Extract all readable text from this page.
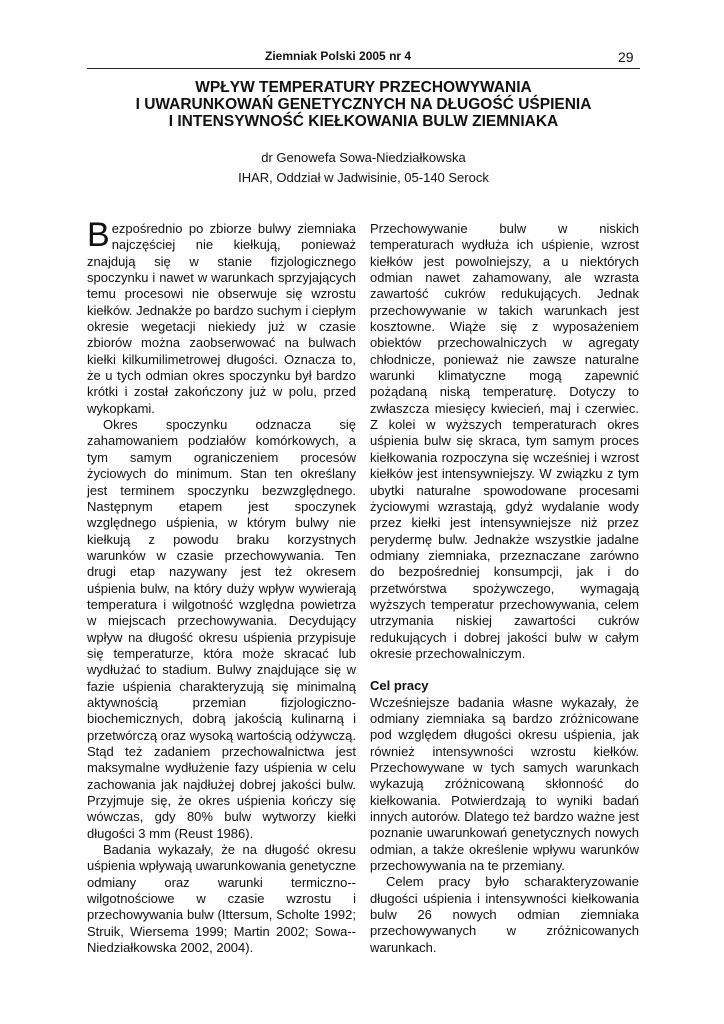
Ziemniak Polski 2005 nr 4	29
WPŁYW TEMPERATURY PRZECHOWYWANIA
I UWARUNKOWAŃ GENETYCZNYCH NA DŁUGOŚĆ UŚPIENIA
I INTENSYWNOŚĆ KIEŁKOWANIA BULW ZIEMNIAKA
dr Genowefa Sowa-Niedziałkowska
IHAR, Oddział w Jadwisinie, 05-140 Serock

Bezpośrednio po zbiorze bulwy ziemniaka najczęściej nie kiełkują, ponieważ znajdują się w stanie fizjologicznego spoczynku i nawet w warunkach sprzyjających temu procesowi nie obserwuje się wzrostu kiełków. Jednakże po bardzo suchym i ciepłym okresie wegetacji niekiedy już w czasie zbiorów można zaobserwować na bulwach kiełki kilkumilimetrowej długości. Oznacza to, że u tych odmian okres spoczynku był bardzo krótki i został zakończony już w polu, przed wykopkami.

Okres spoczynku odznacza się zahamowaniem podziałów komórkowych, a tym samym ograniczeniem procesów życiowych do minimum. Stan ten określany jest terminem spoczynku bezwzględnego. Następnym etapem jest spoczynek względnego uśpienia, w którym bulwy nie kiełkują z powodu braku korzystnych warunków w czasie przechowywania. Ten drugi etap nazywany jest też okresem uśpienia bulw, na który duży wpływ wywierają temperatura i wilgotność względna powietrza w miejscach przechowywania. Decydujący wpływ na długość okresu uśpienia przypisuje się temperaturze, która może skracać lub wydłużać to stadium. Bulwy znajdujące się w fazie uśpienia charakteryzują się minimalną aktywnością przemian fizjologiczno-biochemicznych, dobrą jakością kulinarną i przetwórczą oraz wysoką wartością odżywczą. Stąd też zadaniem przechowalnictwa jest maksymalne wydłużenie fazy uśpienia w celu zachowania jak najdłużej dobrej jakości bulw. Przyjmuje się, że okres uśpienia kończy się wówczas, gdy 80% bulw wytworzy kiełki długości 3 mm (Reust 1986).

Badania wykazały, że na długość okresu uśpienia wpływają uwarunkowania genetyczne odmiany oraz warunki termiczno--wilgotnościowe w czasie wzrostu i przechowywania bulw (Ittersum, Scholte 1992; Struik, Wiersema 1999; Martin 2002; Sowa--Niedziałkowska 2002, 2004).

Przechowywanie bulw w niskich temperaturach wydłuża ich uśpienie, wzrost kiełków jest powolniejszy, a u niektórych odmian nawet zahamowany, ale wzrasta zawartość cukrów redukujących. Jednak przechowywanie w takich warunkach jest kosztowne. Wiąże się z wyposażeniem obiektów przechowalniczych w agregaty chłodnicze, ponieważ nie zawsze naturalne warunki klimatyczne mogą zapewnić pożądaną niską temperaturę. Dotyczy to zwłaszcza miesięcy kwiecień, maj i czerwiec. Z kolei w wyższych temperaturach okres uśpienia bulw się skraca, tym samym proces kiełkowania rozpoczyna się wcześniej i wzrost kiełków jest intensywniejszy. W związku z tym ubytki naturalne spowodowane procesami życiowymi wzrastają, gdyż wydalanie wody przez kiełki jest intensywniejsze niż przez perydermę bulw. Jednakże wszystkie jadalne odmiany ziemniaka, przeznaczane zarówno do bezpośredniej konsumpcji, jak i do przetwórstwa spożywczego, wymagają wyższych temperatur przechowywania, celem utrzymania niskiej zawartości cukrów redukujących i dobrej jakości bulw w całym okresie przechowalniczym.

Cel pracy

Wcześniejsze badania własne wykazały, że odmiany ziemniaka są bardzo zróżnicowane pod względem długości okresu uśpienia, jak również intensywności wzrostu kiełków. Przechowywane w tych samych warunkach wykazują zróżnicowaną skłonność do kiełkowania. Potwierdzają to wyniki badań innych autorów. Dlatego też bardzo ważne jest poznanie uwarunkowań genetycznych nowych odmian, a także określenie wpływu warunków przechowywania na te przemiany.

Celem pracy było scharakteryzowanie długości uśpienia i intensywności kiełkowania bulw 26 nowych odmian ziemniaka przechowywanych w zróżnicowanych warunkach.
